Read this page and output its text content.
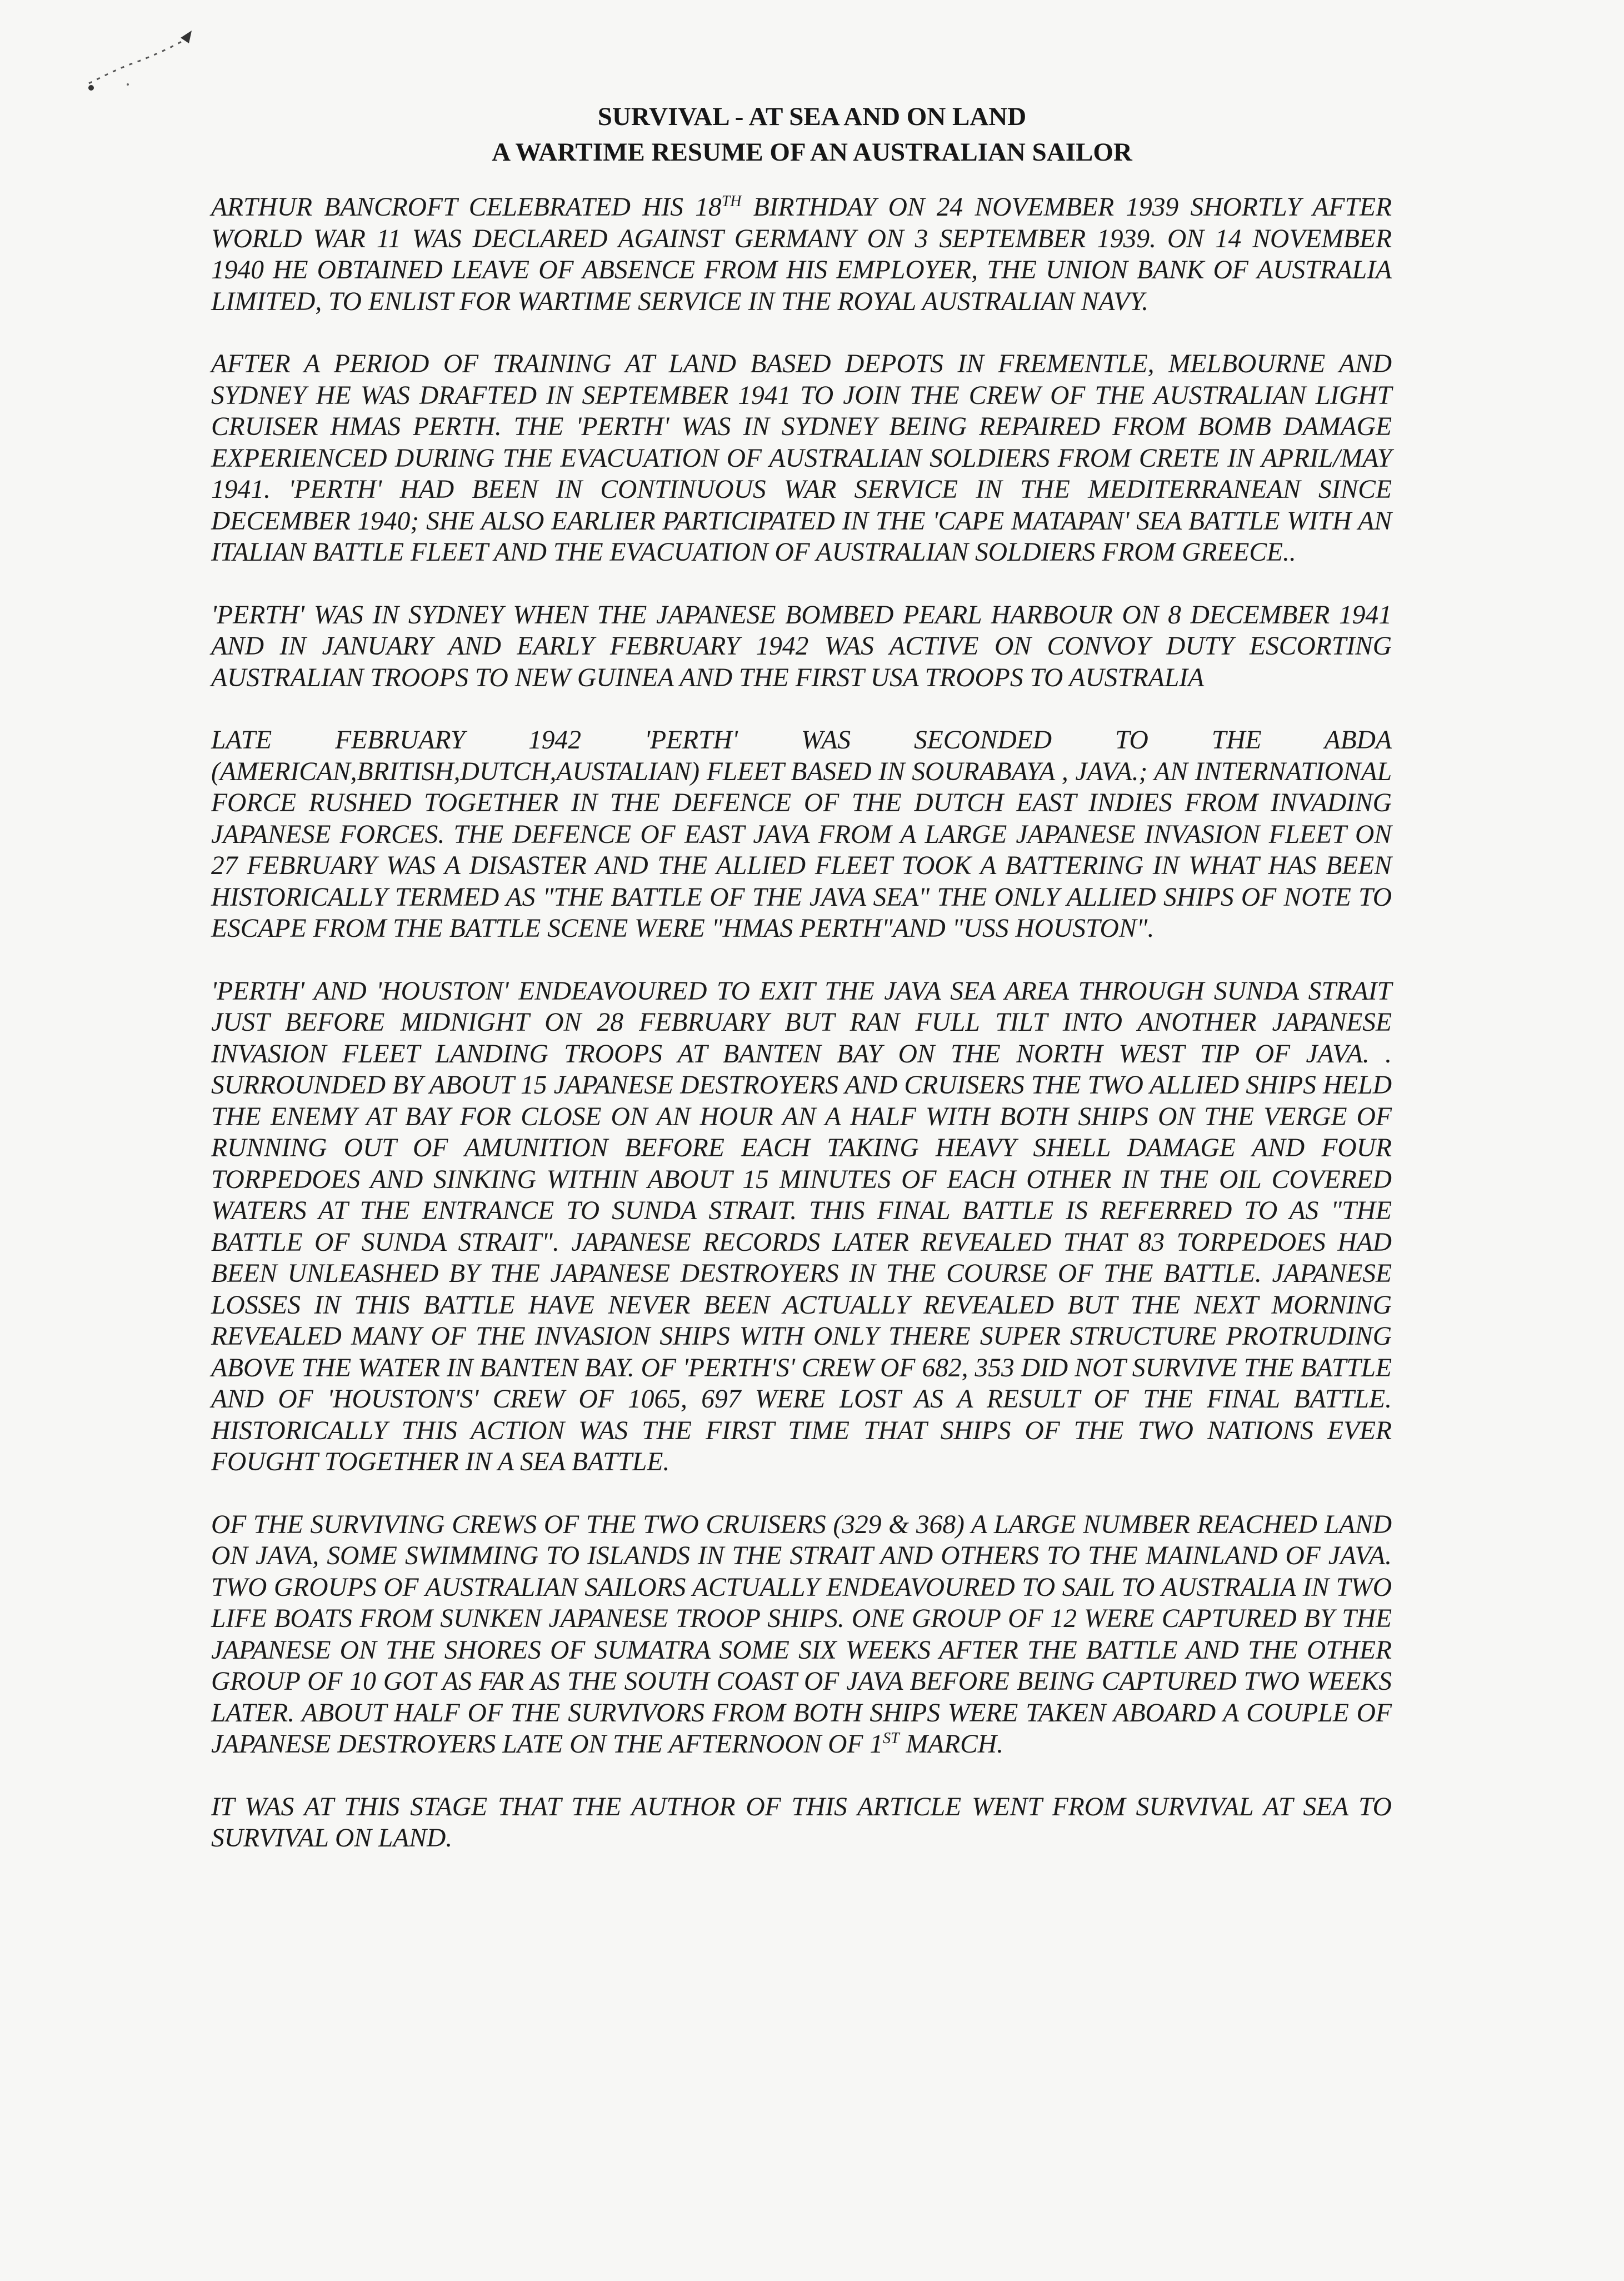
SURVIVAL - AT SEA AND ON LAND
A WARTIME RESUME OF AN AUSTRALIAN SAILOR

ARTHUR BANCROFT CELEBRATED HIS 18TH BIRTHDAY ON 24 NOVEMBER 1939 SHORTLY AFTER WORLD WAR 11 WAS DECLARED AGAINST GERMANY ON 3 SEPTEMBER 1939. ON 14 NOVEMBER 1940 HE OBTAINED LEAVE OF ABSENCE FROM HIS EMPLOYER, THE UNION BANK OF AUSTRALIA LIMITED, TO ENLIST FOR WARTIME SERVICE IN THE ROYAL AUSTRALIAN NAVY.

AFTER A PERIOD OF TRAINING AT LAND BASED DEPOTS IN FREMENTLE, MELBOURNE AND SYDNEY HE WAS DRAFTED IN SEPTEMBER 1941 TO JOIN THE CREW OF THE AUSTRALIAN LIGHT CRUISER HMAS PERTH. THE 'PERTH' WAS IN SYDNEY BEING REPAIRED FROM BOMB DAMAGE EXPERIENCED DURING THE EVACUATION OF AUSTRALIAN SOLDIERS FROM CRETE IN APRIL/MAY 1941. 'PERTH' HAD BEEN IN CONTINUOUS WAR SERVICE IN THE MEDITERRANEAN SINCE DECEMBER 1940; SHE ALSO EARLIER PARTICIPATED IN THE 'CAPE MATAPAN' SEA BATTLE WITH AN ITALIAN BATTLE FLEET AND THE EVACUATION OF AUSTRALIAN SOLDIERS FROM GREECE..

'PERTH' WAS IN SYDNEY WHEN THE JAPANESE BOMBED PEARL HARBOUR ON 8 DECEMBER 1941 AND IN JANUARY AND EARLY FEBRUARY 1942 WAS ACTIVE ON CONVOY DUTY ESCORTING AUSTRALIAN TROOPS TO NEW GUINEA AND THE FIRST USA TROOPS TO AUSTRALIA

LATE FEBRUARY 1942 'PERTH' WAS SECONDED TO THE ABDA (AMERICAN,BRITISH,DUTCH,AUSTALIAN) FLEET BASED IN SOURABAYA , JAVA.; AN INTERNATIONAL FORCE RUSHED TOGETHER IN THE DEFENCE OF THE DUTCH EAST INDIES FROM INVADING JAPANESE FORCES. THE DEFENCE OF EAST JAVA FROM A LARGE JAPANESE INVASION FLEET ON 27 FEBRUARY WAS A DISASTER AND THE ALLIED FLEET TOOK A BATTERING IN WHAT HAS BEEN HISTORICALLY TERMED AS "THE BATTLE OF THE JAVA SEA" THE ONLY ALLIED SHIPS OF NOTE TO ESCAPE FROM THE BATTLE SCENE WERE "HMAS PERTH"AND "USS HOUSTON".

'PERTH' AND 'HOUSTON' ENDEAVOURED TO EXIT THE JAVA SEA AREA THROUGH SUNDA STRAIT JUST BEFORE MIDNIGHT ON 28 FEBRUARY BUT RAN FULL TILT INTO ANOTHER JAPANESE INVASION FLEET LANDING TROOPS AT BANTEN BAY ON THE NORTH WEST TIP OF JAVA. . SURROUNDED BY ABOUT 15 JAPANESE DESTROYERS AND CRUISERS THE TWO ALLIED SHIPS HELD THE ENEMY AT BAY FOR CLOSE ON AN HOUR AN A HALF WITH BOTH SHIPS ON THE VERGE OF RUNNING OUT OF AMUNITION BEFORE EACH TAKING HEAVY SHELL DAMAGE AND FOUR TORPEDOES AND SINKING WITHIN ABOUT 15 MINUTES OF EACH OTHER IN THE OIL COVERED WATERS AT THE ENTRANCE TO SUNDA STRAIT. THIS FINAL BATTLE IS REFERRED TO AS "THE BATTLE OF SUNDA STRAIT". JAPANESE RECORDS LATER REVEALED THAT 83 TORPEDOES HAD BEEN UNLEASHED BY THE JAPANESE DESTROYERS IN THE COURSE OF THE BATTLE. JAPANESE LOSSES IN THIS BATTLE HAVE NEVER BEEN ACTUALLY REVEALED BUT THE NEXT MORNING REVEALED MANY OF THE INVASION SHIPS WITH ONLY THERE SUPER STRUCTURE PROTRUDING ABOVE THE WATER IN BANTEN BAY. OF 'PERTH'S' CREW OF 682, 353 DID NOT SURVIVE THE BATTLE AND OF 'HOUSTON'S' CREW OF 1065, 697 WERE LOST AS A RESULT OF THE FINAL BATTLE. HISTORICALLY THIS ACTION WAS THE FIRST TIME THAT SHIPS OF THE TWO NATIONS EVER FOUGHT TOGETHER IN A SEA BATTLE.

OF THE SURVIVING CREWS OF THE TWO CRUISERS (329 & 368) A LARGE NUMBER REACHED LAND ON JAVA, SOME SWIMMING TO ISLANDS IN THE STRAIT AND OTHERS TO THE MAINLAND OF JAVA. TWO GROUPS OF AUSTRALIAN SAILORS ACTUALLY ENDEAVOURED TO SAIL TO AUSTRALIA IN TWO LIFE BOATS FROM SUNKEN JAPANESE TROOP SHIPS. ONE GROUP OF 12 WERE CAPTURED BY THE JAPANESE ON THE SHORES OF SUMATRA SOME SIX WEEKS AFTER THE BATTLE AND THE OTHER GROUP OF 10 GOT AS FAR AS THE SOUTH COAST OF JAVA BEFORE BEING CAPTURED TWO WEEKS LATER. ABOUT HALF OF THE SURVIVORS FROM BOTH SHIPS WERE TAKEN ABOARD A COUPLE OF JAPANESE DESTROYERS LATE ON THE AFTERNOON OF 1ST MARCH.

IT WAS AT THIS STAGE THAT THE AUTHOR OF THIS ARTICLE WENT FROM SURVIVAL AT SEA TO SURVIVAL ON LAND.
